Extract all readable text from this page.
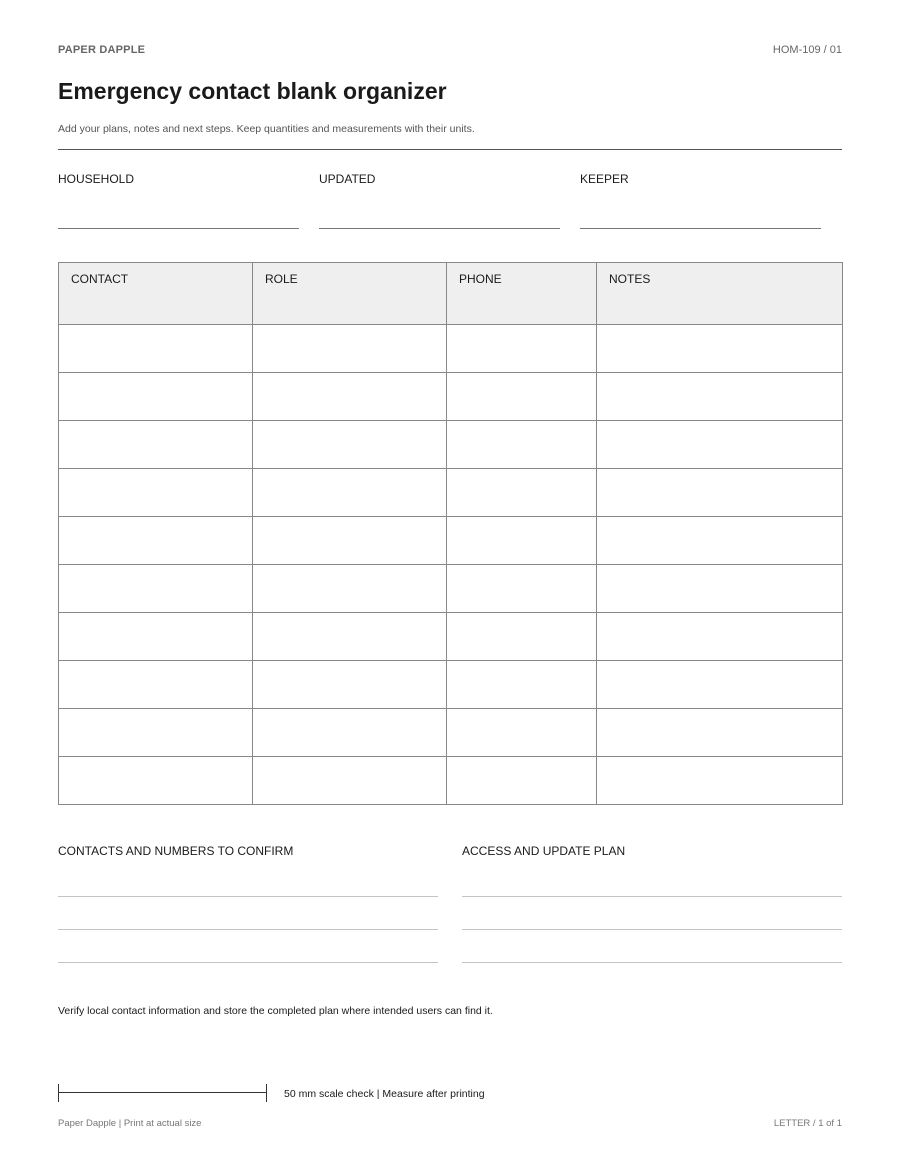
PAPER DAPPLE	HOM-109 / 01
Emergency contact blank organizer
Add your plans, notes and next steps. Keep quantities and measurements with their units.
HOUSEHOLD	UPDATED	KEEPER
CONTACT	ROLE	PHONE	NOTES

CONTACTS AND NUMBERS TO CONFIRM	ACCESS AND UPDATE PLAN
Verify local contact information and store the completed plan where intended users can find it.
50 mm scale check | Measure after printing
Paper Dapple | Print at actual size	LETTER / 1 of 1
